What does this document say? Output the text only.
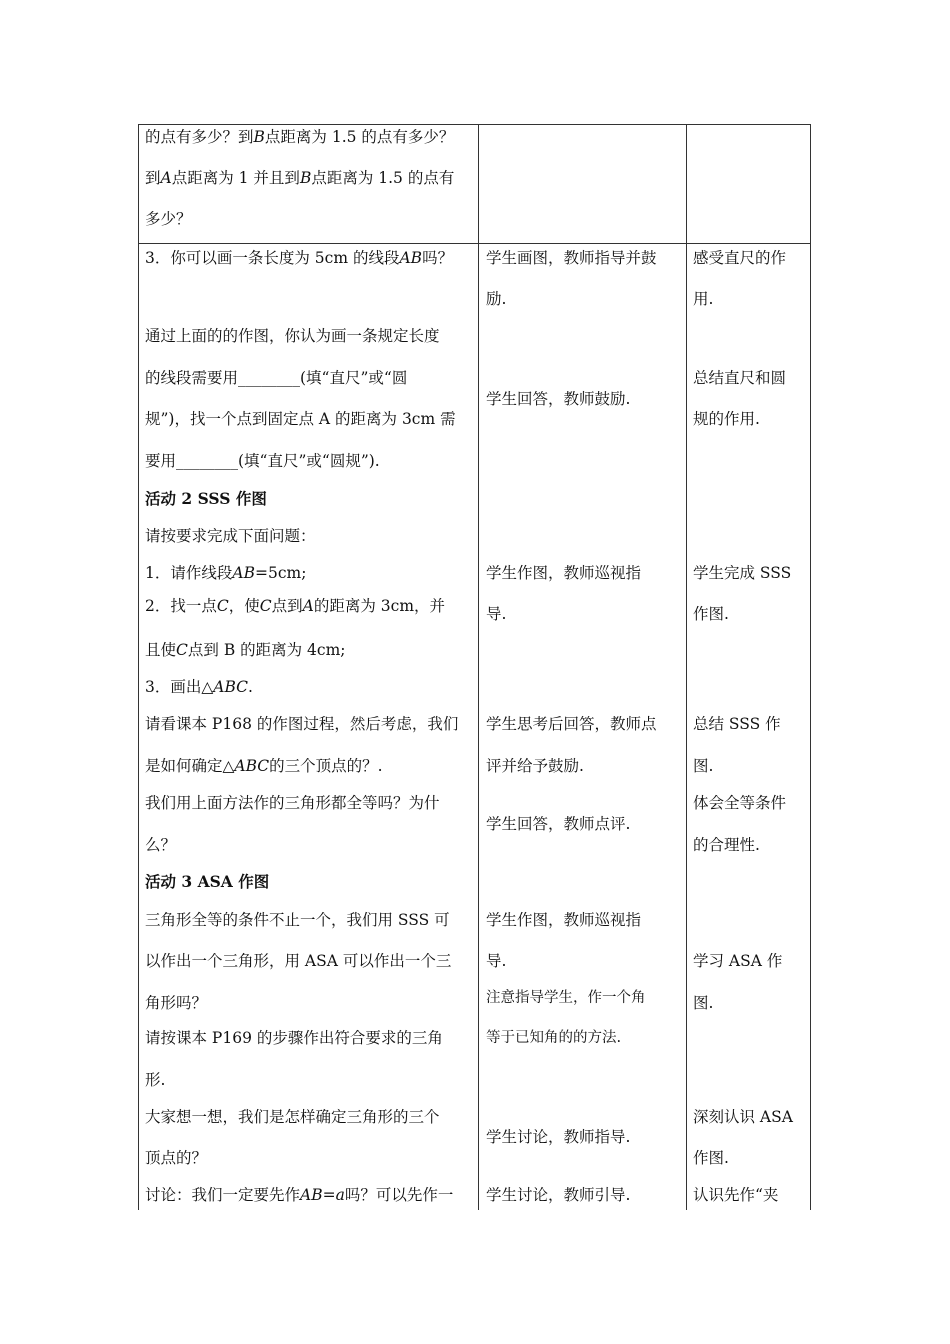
的点有多少？到B点距离为 1.5 的点有多少？
到A点距离为 1 并且到B点距离为 1.5 的点有
多少？
3．你可以画一条长度为 5cm 的线段AB吗？
通过上面的的作图，你认为画一条规定长度
的线段需要用________(填“直尺”或“圆
规”)，找一个点到固定点 A 的距离为 3cm 需
要用________(填“直尺”或“圆规”).
活动 2 SSS 作图
请按要求完成下面问题：
1．请作线段AB=5cm;
2．找一点C，使C点到A的距离为 3cm，并
且使C点到 B 的距离为 4cm;
3．画出△ABC.
请看课本 P168 的作图过程，然后考虑，我们
是如何确定△ABC的三个顶点的？.
我们用上面方法作的三角形都全等吗？为什
么？
活动 3 ASA 作图
三角形全等的条件不止一个，我们用 SSS 可
以作出一个三角形，用 ASA 可以作出一个三
角形吗？
请按课本 P169 的步骤作出符合要求的三角
形.
大家想一想，我们是怎样确定三角形的三个
顶点的？
讨论：我们一定要先作AB=a吗？可以先作一
学生画图，教师指导并鼓
励.
学生回答，教师鼓励.
学生作图，教师巡视指
导.
学生思考后回答，教师点
评并给予鼓励.
学生回答，教师点评.
学生作图，教师巡视指
导.
注意指导学生，作一个角
等于已知角的的方法.
学生讨论，教师指导.
学生讨论，教师引导.
感受直尺的作
用.
总结直尺和圆
规的作用.
学生完成 SSS
作图.
总结 SSS 作
图.
体会全等条件
的合理性.
学习 ASA 作
图.
深刻认识 ASA
作图.
认识先作“夹
